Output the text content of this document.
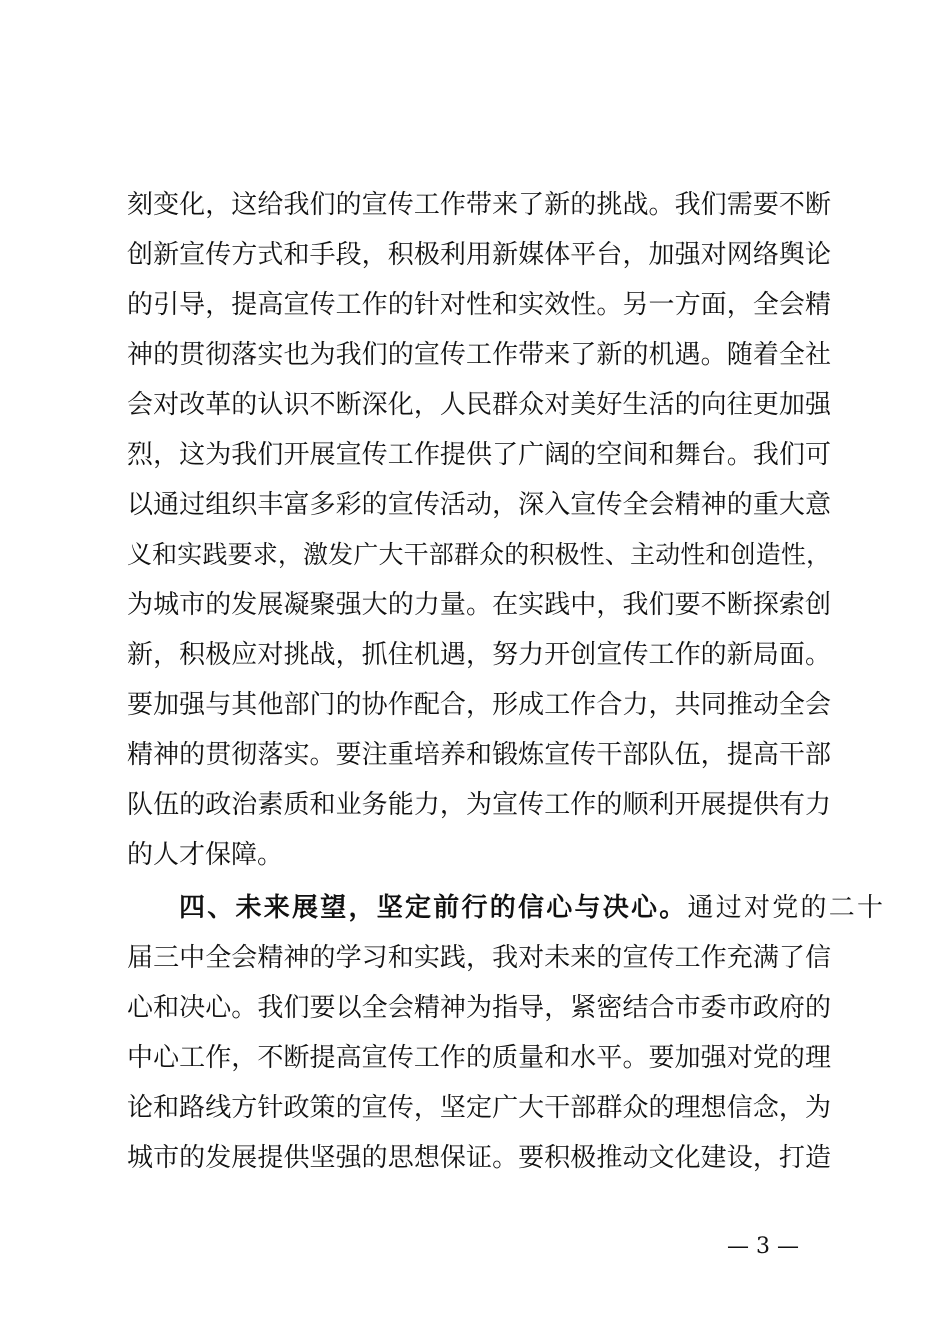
刻变化，这给我们的宣传工作带来了新的挑战。我们需要不断
创新宣传方式和手段，积极利用新媒体平台，加强对网络舆论
的引导，提高宣传工作的针对性和实效性。另一方面，全会精
神的贯彻落实也为我们的宣传工作带来了新的机遇。随着全社
会对改革的认识不断深化，人民群众对美好生活的向往更加强
烈，这为我们开展宣传工作提供了广阔的空间和舞台。我们可
以通过组织丰富多彩的宣传活动，深入宣传全会精神的重大意
义和实践要求，激发广大干部群众的积极性、主动性和创造性，
为城市的发展凝聚强大的力量。在实践中，我们要不断探索创
新，积极应对挑战，抓住机遇，努力开创宣传工作的新局面。
要加强与其他部门的协作配合，形成工作合力，共同推动全会
精神的贯彻落实。要注重培养和锻炼宣传干部队伍，提高干部
队伍的政治素质和业务能力，为宣传工作的顺利开展提供有力
的人才保障。
四、未来展望，坚定前行的信心与决心。通过对党的二十
届三中全会精神的学习和实践，我对未来的宣传工作充满了信
心和决心。我们要以全会精神为指导，紧密结合市委市政府的
中心工作，不断提高宣传工作的质量和水平。要加强对党的理
论和路线方针政策的宣传，坚定广大干部群众的理想信念，为
城市的发展提供坚强的思想保证。要积极推动文化建设，打造
— 3 —
